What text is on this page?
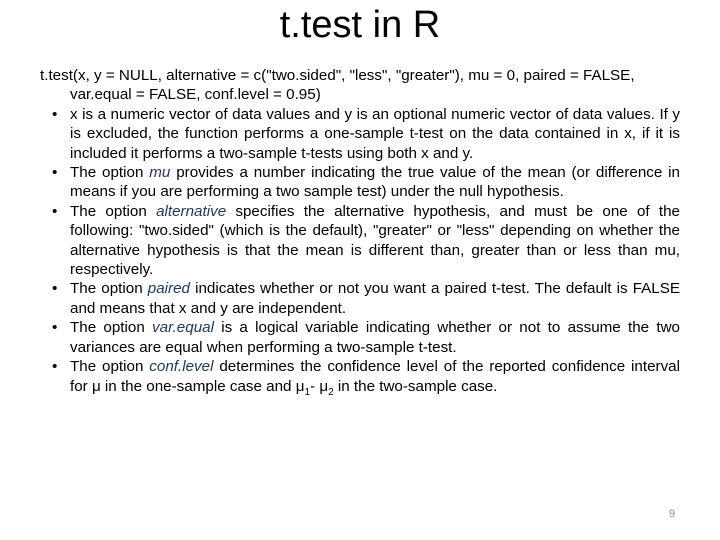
t.test in R
t.test(x, y = NULL, alternative = c("two.sided", "less", "greater"), mu = 0, paired = FALSE, var.equal = FALSE, conf.level = 0.95)
• x is a numeric vector of data values and y is an optional numeric vector of data values. If y is excluded, the function performs a one-sample t-test on the data contained in x, if it is included it performs a two-sample t-tests using both x and y.
• The option mu provides a number indicating the true value of the mean (or difference in means if you are performing a two sample test) under the null hypothesis.
• The option alternative specifies the alternative hypothesis, and must be one of the following: "two.sided" (which is the default), "greater" or "less" depending on whether the alternative hypothesis is that the mean is different than, greater than or less than mu, respectively.
• The option paired indicates whether or not you want a paired t-test. The default is FALSE and means that x and y are independent.
• The option var.equal is a logical variable indicating whether or not to assume the two variances are equal when performing a two-sample t-test.
• The option conf.level determines the confidence level of the reported confidence interval for μ in the one-sample case and $\mu_1-$ $\mu_2$ in the two-sample case.
9
